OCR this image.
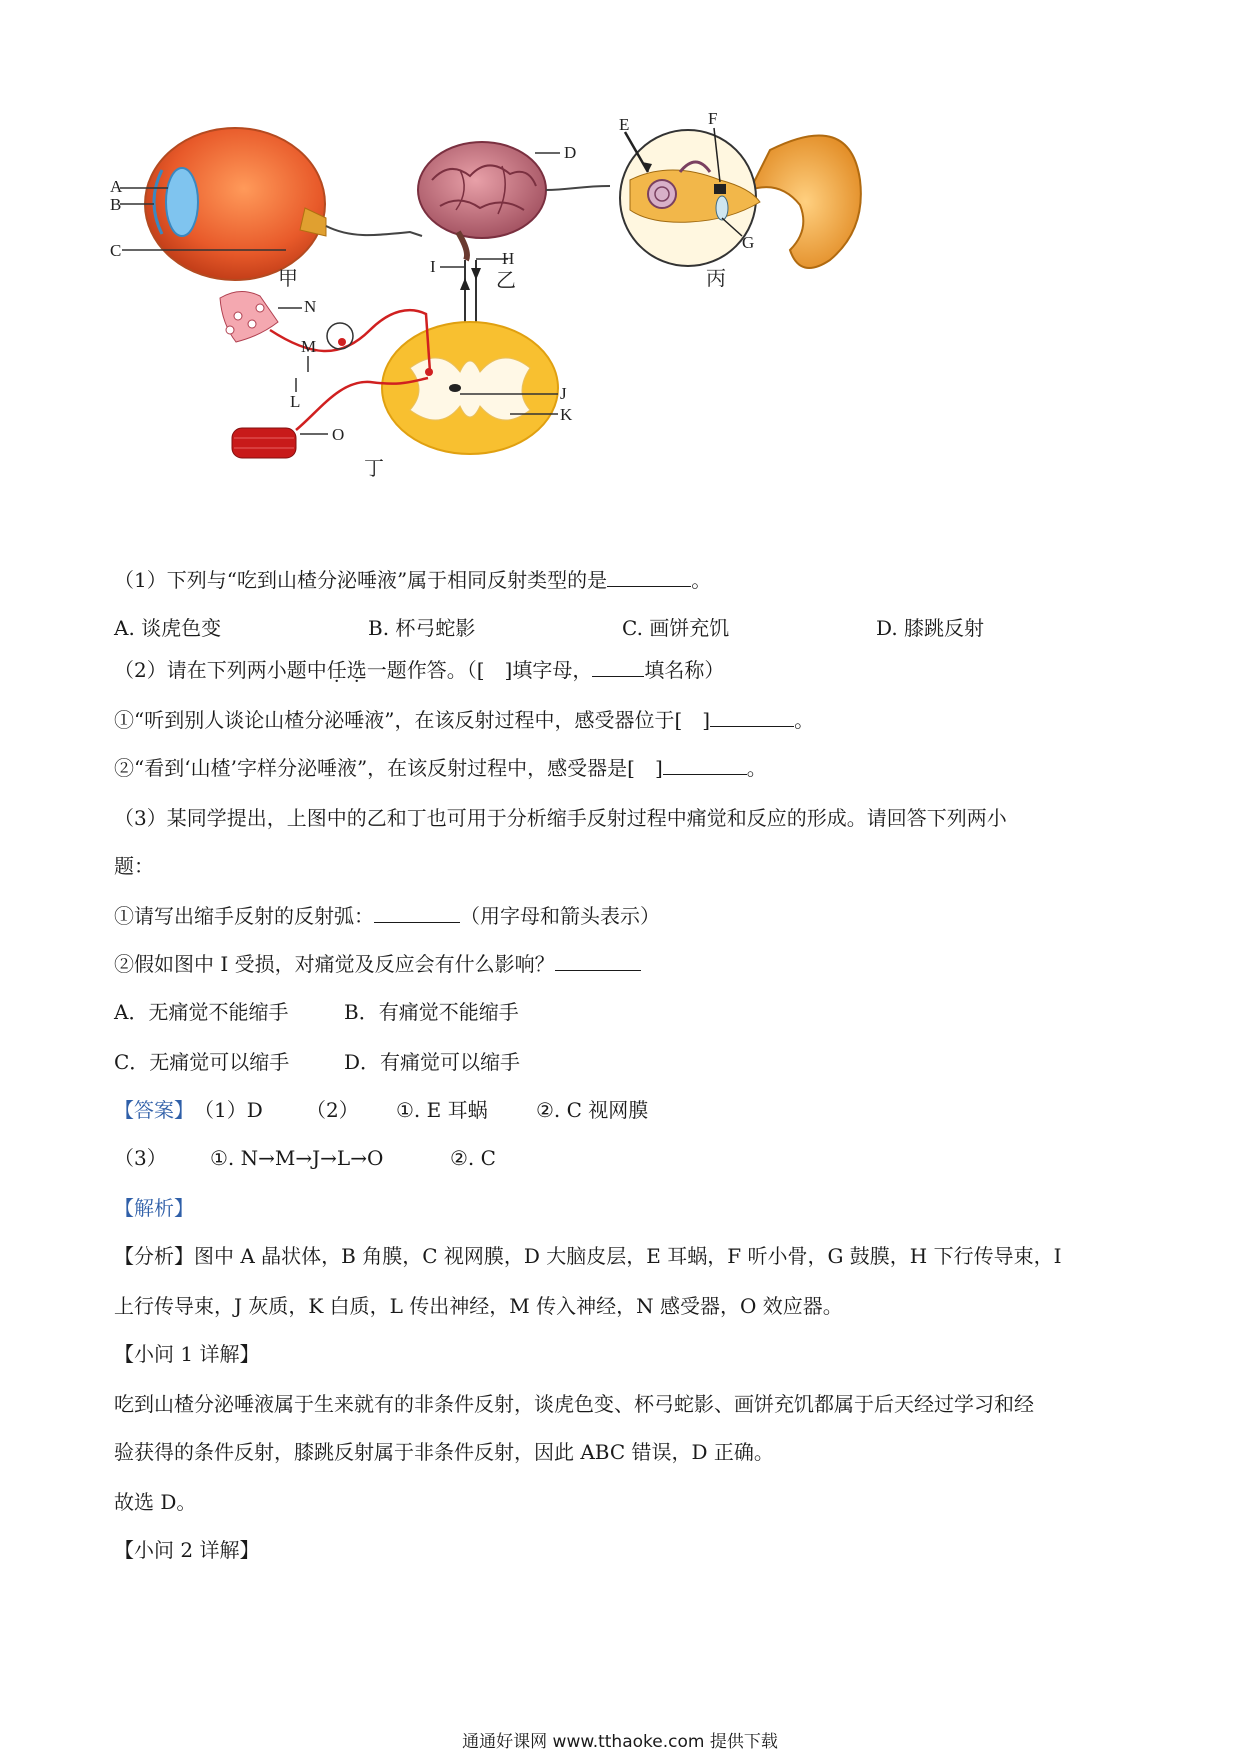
A
B
C
D
E	F
G
H
I
J
K
L
M
N
O
甲	乙	丙
丁
（1）下列与“吃到山楂分泌唾液”属于相同反射类型的是	。
A. 谈虎色变	B. 杯弓蛇影	C. 画饼充饥	D. 膝跳反射
（2）请在下列两小题中任选一题作答。（[　]填字母，	填名称）
①“听到别人谈论山楂分泌唾液”，在该反射过程中，感受器位于[　]	。
②“看到‘山楂’字样分泌唾液”，在该反射过程中，感受器是[　]	。
（3）某同学提出，上图中的乙和丁也可用于分析缩手反射过程中痛觉和反应的形成。请回答下列两小
题：
①请写出缩手反射的反射弧：	（用字母和箭头表示）
②假如图中 I 受损，对痛觉及反应会有什么影响？
A．无痛觉不能缩手	B．有痛觉不能缩手
C．无痛觉可以缩手	D．有痛觉可以缩手
【答案】（1）D （2） ①. E 耳蜗 ②. C 视网膜
（3） ①. N→M→J→L→O	②. C
【解析】
【分析】图中 A 晶状体，B 角膜，C 视网膜，D 大脑皮层，E 耳蜗，F 听小骨，G 鼓膜，H 下行传导束，I
上行传导束，J 灰质，K 白质，L 传出神经，M 传入神经，N 感受器，O 效应器。
【小问 1 详解】
吃到山楂分泌唾液属于生来就有的非条件反射，谈虎色变、杯弓蛇影、画饼充饥都属于后天经过学习和经
验获得的条件反射，膝跳反射属于非条件反射，因此 ABC 错误，D 正确。
故选 D。
【小问 2 详解】
通通好课网 www.tthaoke.com 提供下载
